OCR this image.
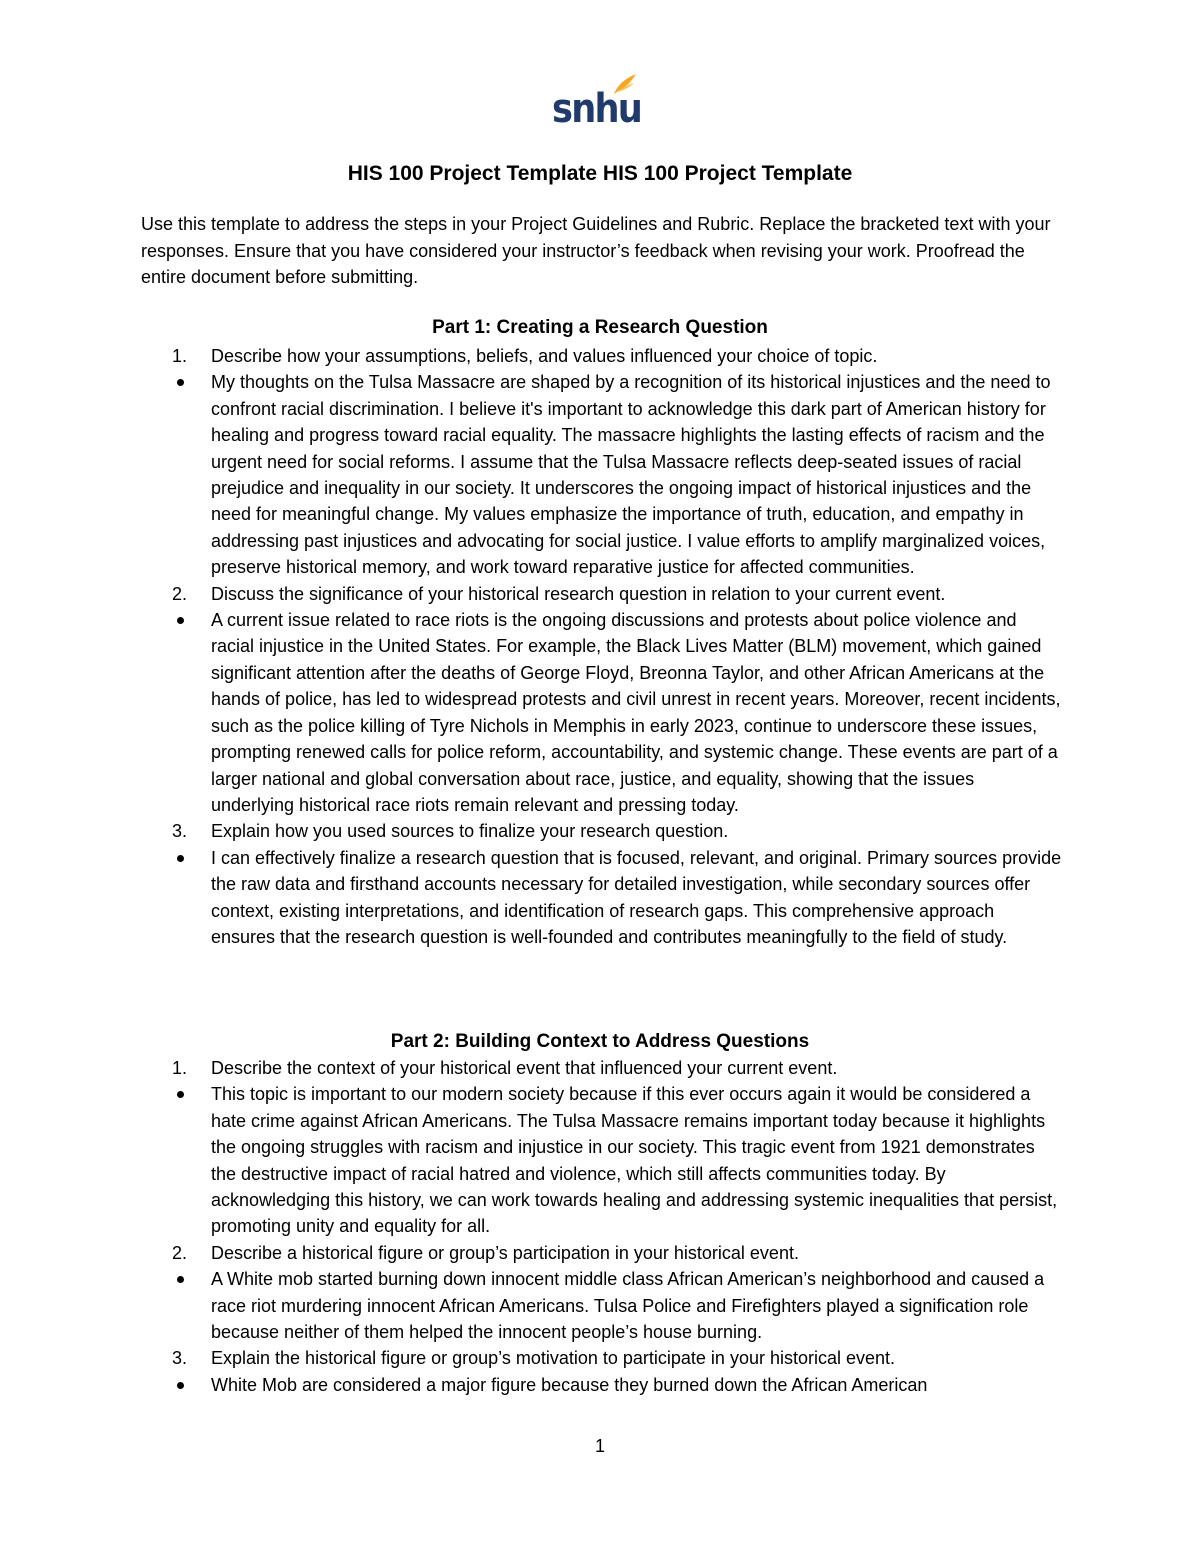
snhu
HIS 100 Project Template HIS 100 Project Template
Use this template to address the steps in your Project Guidelines and Rubric. Replace the bracketed text with your responses. Ensure that you have considered your instructor’s feedback when revising your work. Proofread the entire document before submitting.
Part 1: Creating a Research Question
1.	Describe how your assumptions, beliefs, and values influenced your choice of topic.
My thoughts on the Tulsa Massacre are shaped by a recognition of its historical injustices and the need to confront racial discrimination. I believe it's important to acknowledge this dark part of American history for healing and progress toward racial equality. The massacre highlights the lasting effects of racism and the urgent need for social reforms. I assume that the Tulsa Massacre reflects deep-seated issues of racial prejudice and inequality in our society. It underscores the ongoing impact of historical injustices and the need for meaningful change. My values emphasize the importance of truth, education, and empathy in addressing past injustices and advocating for social justice. I value efforts to amplify marginalized voices, preserve historical memory, and work toward reparative justice for affected communities.
2.	Discuss the significance of your historical research question in relation to your current event.
A current issue related to race riots is the ongoing discussions and protests about police violence and racial injustice in the United States. For example, the Black Lives Matter (BLM) movement, which gained significant attention after the deaths of George Floyd, Breonna Taylor, and other African Americans at the hands of police, has led to widespread protests and civil unrest in recent years. Moreover, recent incidents, such as the police killing of Tyre Nichols in Memphis in early 2023, continue to underscore these issues, prompting renewed calls for police reform, accountability, and systemic change. These events are part of a larger national and global conversation about race, justice, and equality, showing that the issues underlying historical race riots remain relevant and pressing today.
3.	Explain how you used sources to finalize your research question.
I can effectively finalize a research question that is focused, relevant, and original. Primary sources provide the raw data and firsthand accounts necessary for detailed investigation, while secondary sources offer context, existing interpretations, and identification of research gaps. This comprehensive approach ensures that the research question is well-founded and contributes meaningfully to the field of study.
Part 2: Building Context to Address Questions
1.	Describe the context of your historical event that influenced your current event.
This topic is important to our modern society because if this ever occurs again it would be considered a hate crime against African Americans. The Tulsa Massacre remains important today because it highlights the ongoing struggles with racism and injustice in our society. This tragic event from 1921 demonstrates the destructive impact of racial hatred and violence, which still affects communities today. By acknowledging this history, we can work towards healing and addressing systemic inequalities that persist, promoting unity and equality for all.
2.	Describe a historical figure or group’s participation in your historical event.
A White mob started burning down innocent middle class African American’s neighborhood and caused a race riot murdering innocent African Americans. Tulsa Police and Firefighters played a signification role because neither of them helped the innocent people’s house burning.
3.	Explain the historical figure or group’s motivation to participate in your historical event.
White Mob are considered a major figure because they burned down the African American
1
